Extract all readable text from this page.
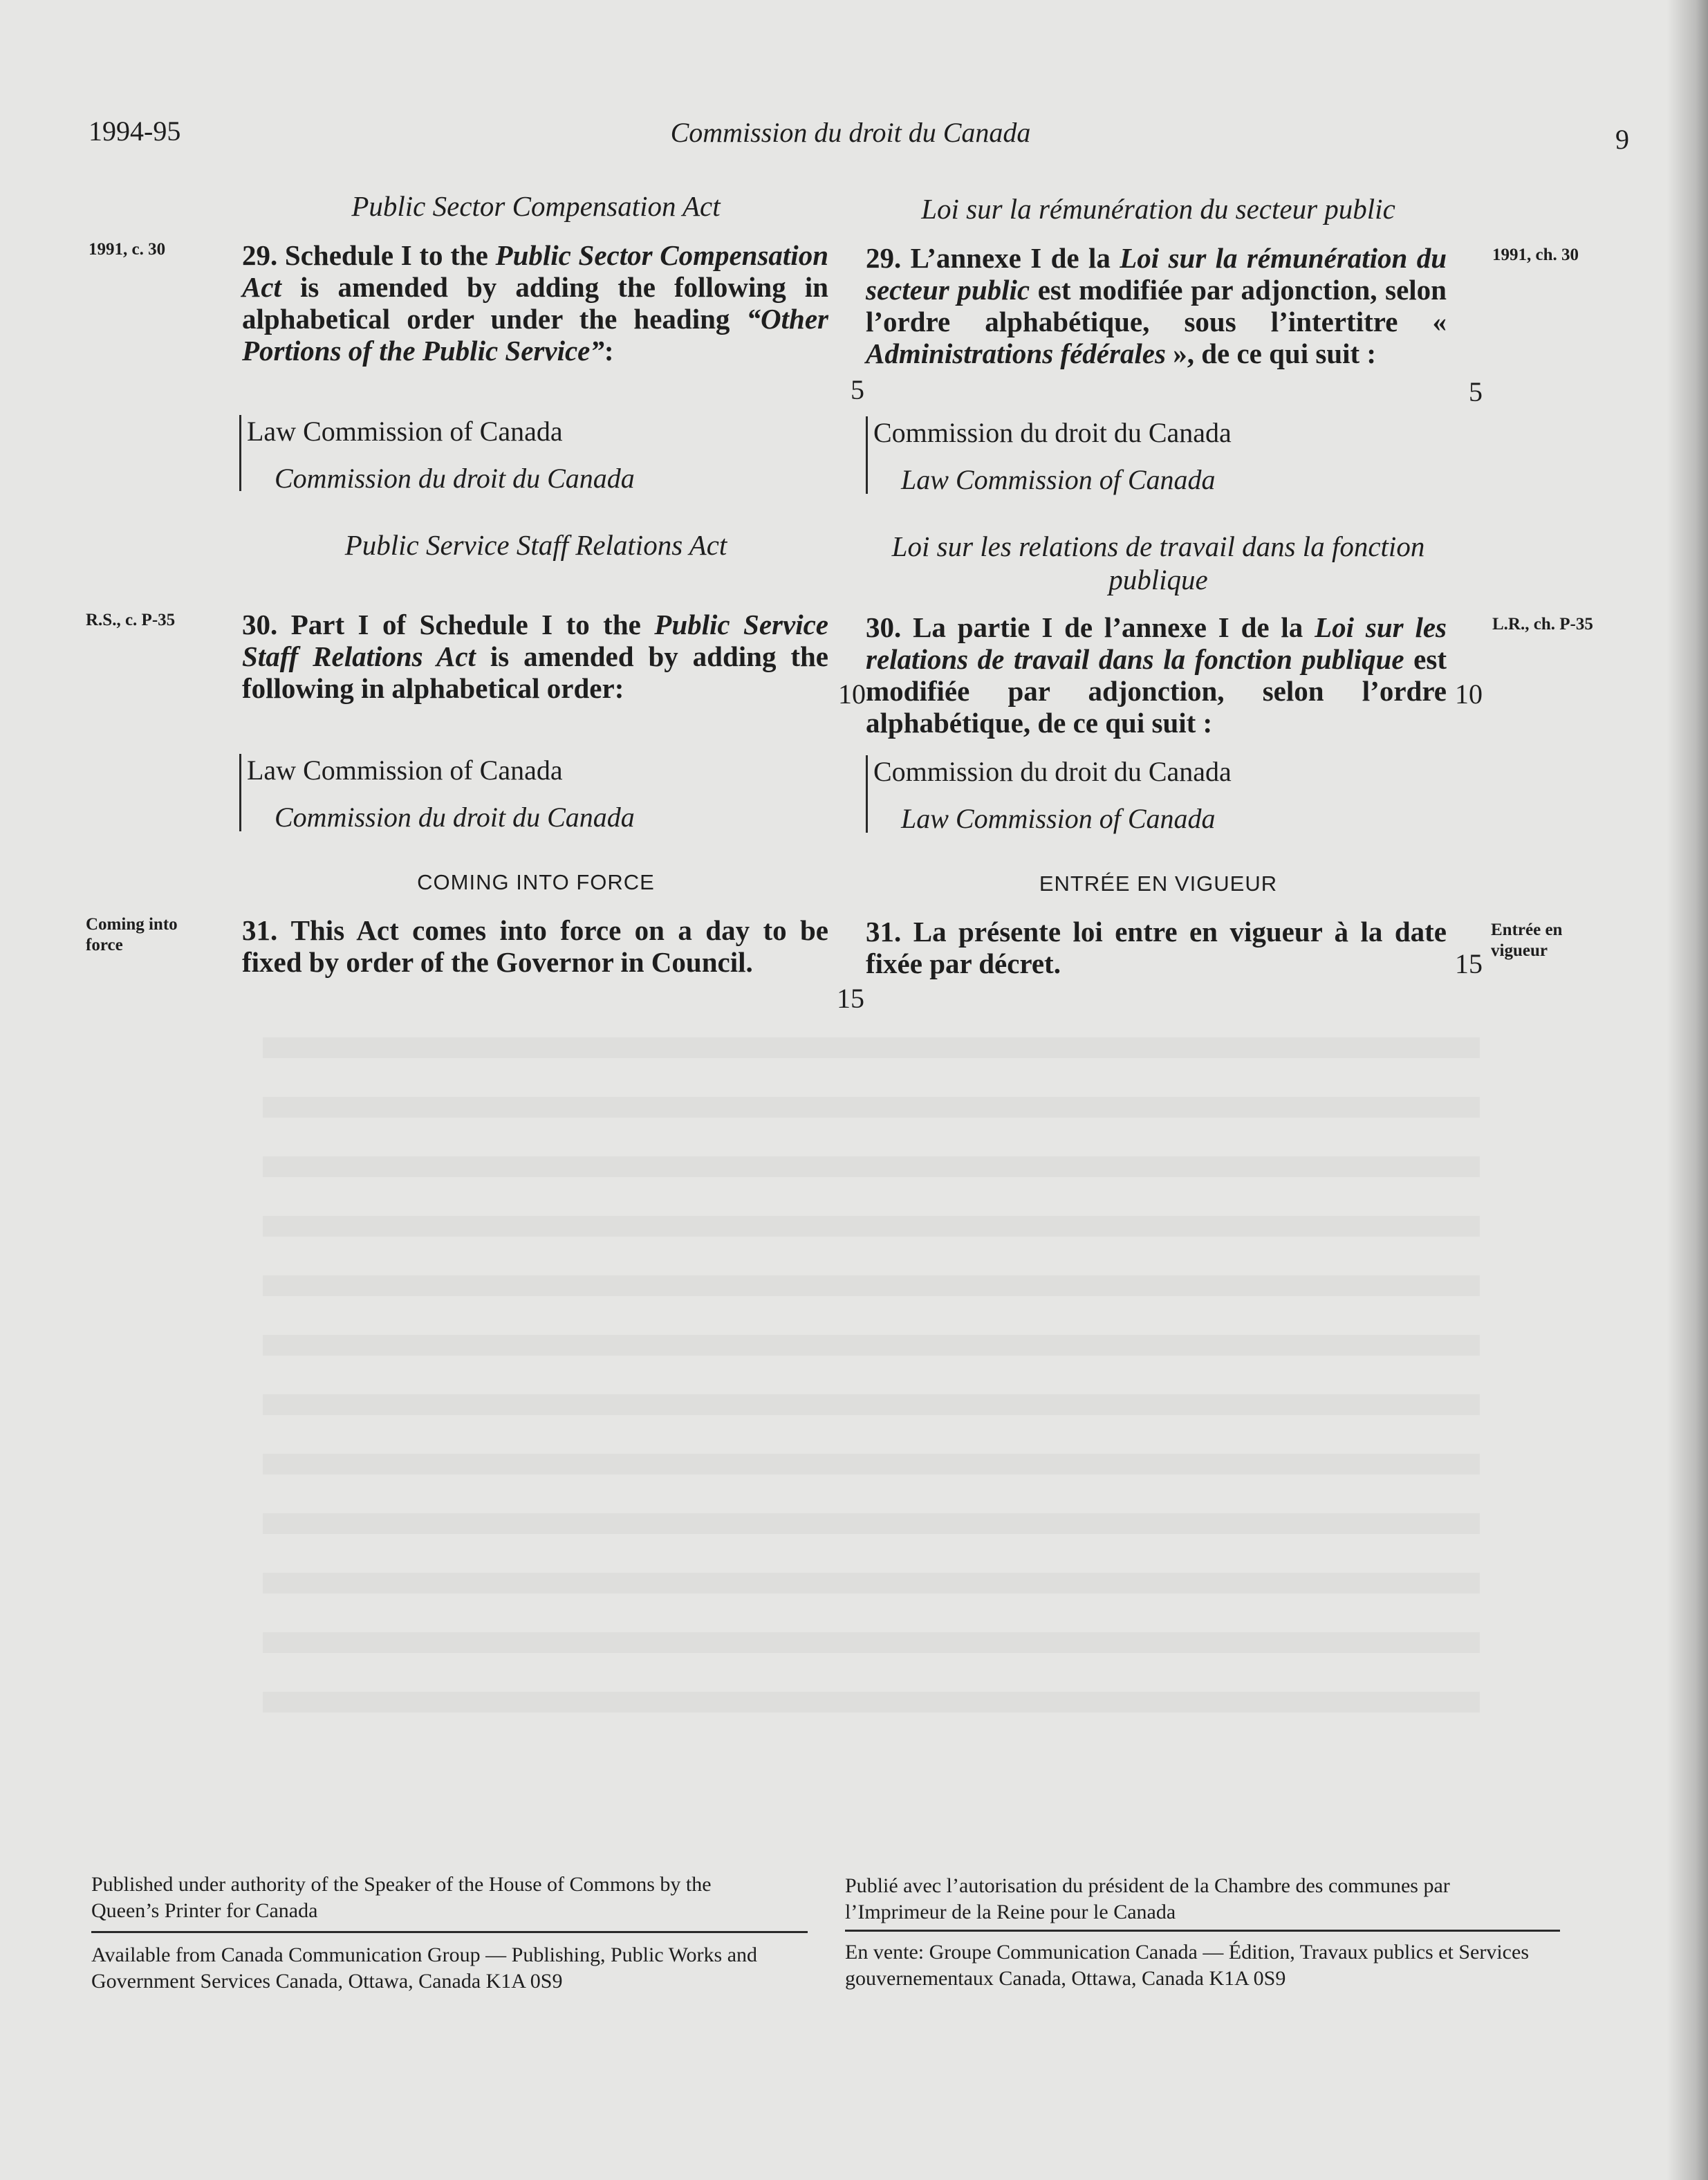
1994-95	Commission du droit du Canada	9
Public Sector Compensation Act	Loi sur la rémunération du secteur public
1991, c. 30	1991, ch. 30
29. Schedule I to the Public Sector Compensation Act is amended by adding the following in alphabetical order under the heading “Other Portions of the Public Service”:
29. L’annexe I de la Loi sur la rémunération du secteur public est modifiée par adjonction, selon l’ordre alphabétique, sous l’intertitre « Administrations fédérales », de ce qui suit :
5	5
Law Commission of Canada
Commission du droit du Canada
Commission du droit du Canada
Law Commission of Canada
Public Service Staff Relations Act	Loi sur les relations de travail dans la fonction publique
R.S., c. P-35	L.R., ch. P-35
30. Part I of Schedule I to the Public Service Staff Relations Act is amended by adding the following in alphabetical order:
30. La partie I de l’annexe I de la Loi sur les relations de travail dans la fonction publique est modifiée par adjonction, selon l’ordre alphabétique, de ce qui suit :
10	10
Law Commission of Canada
Commission du droit du Canada
Commission du droit du Canada
Law Commission of Canada
COMING INTO FORCE	ENTRÉE EN VIGUEUR
Coming into
force
Entrée en
vigueur
31. This Act comes into force on a day to be fixed by order of the Governor in Council.
31. La présente loi entre en vigueur à la date fixée par décret.
15
15
Published under authority of the Speaker of the House of Commons by the Queen’s Printer for Canada
Available from Canada Communication Group — Publishing, Public Works and Government Services Canada, Ottawa, Canada K1A 0S9
Publié avec l’autorisation du président de la Chambre des communes par l’Imprimeur de la Reine pour le Canada
En vente: Groupe Communication Canada — Édition, Travaux publics et Services gouvernementaux Canada, Ottawa, Canada K1A 0S9
